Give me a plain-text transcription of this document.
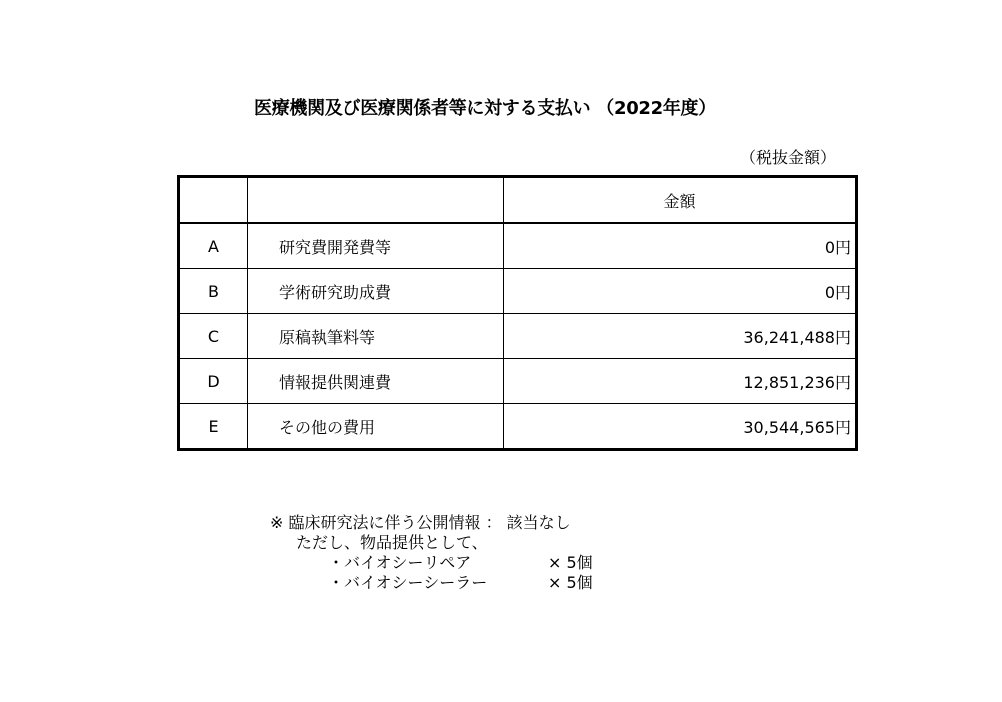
医療機関及び医療関係者等に対する支払い （2022年度）
（税抜金額）
		金額
A	研究費開発費等	0円
B	学術研究助成費	0円
C	原稿執筆料等	36,241,488円
D	情報提供関連費	12,851,236円
E	その他の費用	30,544,565円
※ 臨床研究法に伴う公開情報 ： 該当なし
ただし、物品提供として、
・バイオシーリペア	× 5個
・バイオシーシーラー	× 5個
